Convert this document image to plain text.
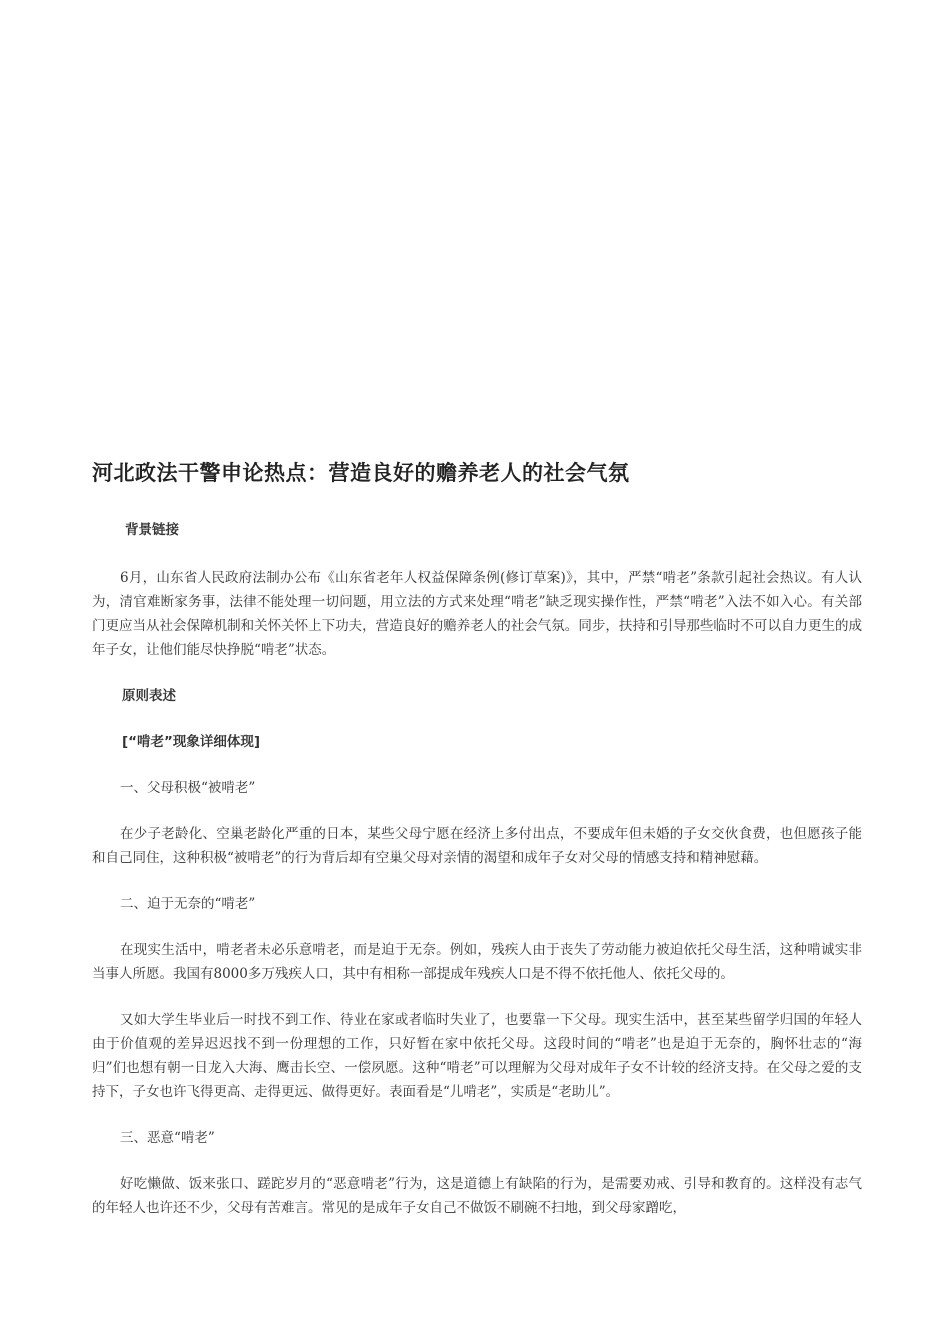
河北政法干警申论热点：营造良好的赡养老人的社会气氛
背景链接

6月，山东省人民政府法制办公布《山东省老年人权益保障条例(修订草案)》，其中，严禁“啃老”条款引起社会热议。有人认为，清官难断家务事，法律不能处理一切问题，用立法的方式来处理“啃老”缺乏现实操作性，严禁“啃老”入法不如入心。有关部门更应当从社会保障机制和关怀关怀上下功夫，营造良好的赡养老人的社会气氛。同步，扶持和引导那些临时不可以自力更生的成年子女，让他们能尽快挣脱“啃老”状态。

原则表述
[“啃老”现象详细体现]

一、父母积极“被啃老”

在少子老龄化、空巢老龄化严重的日本，某些父母宁愿在经济上多付出点，不要成年但未婚的子女交伙食费，也但愿孩子能和自己同住，这种积极“被啃老”的行为背后却有空巢父母对亲情的渴望和成年子女对父母的情感支持和精神慰藉。

二、迫于无奈的“啃老”

在现实生活中，啃老者未必乐意啃老，而是迫于无奈。例如，残疾人由于丧失了劳动能力被迫依托父母生活，这种啃诚实非当事人所愿。我国有8000多万残疾人口，其中有相称一部提成年残疾人口是不得不依托他人、依托父母的。

又如大学生毕业后一时找不到工作、待业在家或者临时失业了，也要靠一下父母。现实生活中，甚至某些留学归国的年轻人由于价值观的差异迟迟找不到一份理想的工作，只好暂在家中依托父母。这段时间的“啃老”也是迫于无奈的，胸怀壮志的“海归”们也想有朝一日龙入大海、鹰击长空、一偿夙愿。这种“啃老”可以理解为父母对成年子女不计较的经济支持。在父母之爱的支持下，子女也许飞得更高、走得更远、做得更好。表面看是“儿啃老”，实质是“老助儿”。

三、恶意“啃老”

好吃懒做、饭来张口、蹉跎岁月的“恶意啃老”行为，这是道德上有缺陷的行为，是需要劝戒、引导和教育的。这样没有志气的年轻人也许还不少，父母有苦难言。常见的是成年子女自己不做饭不刷碗不扫地，到父母家蹭吃，
